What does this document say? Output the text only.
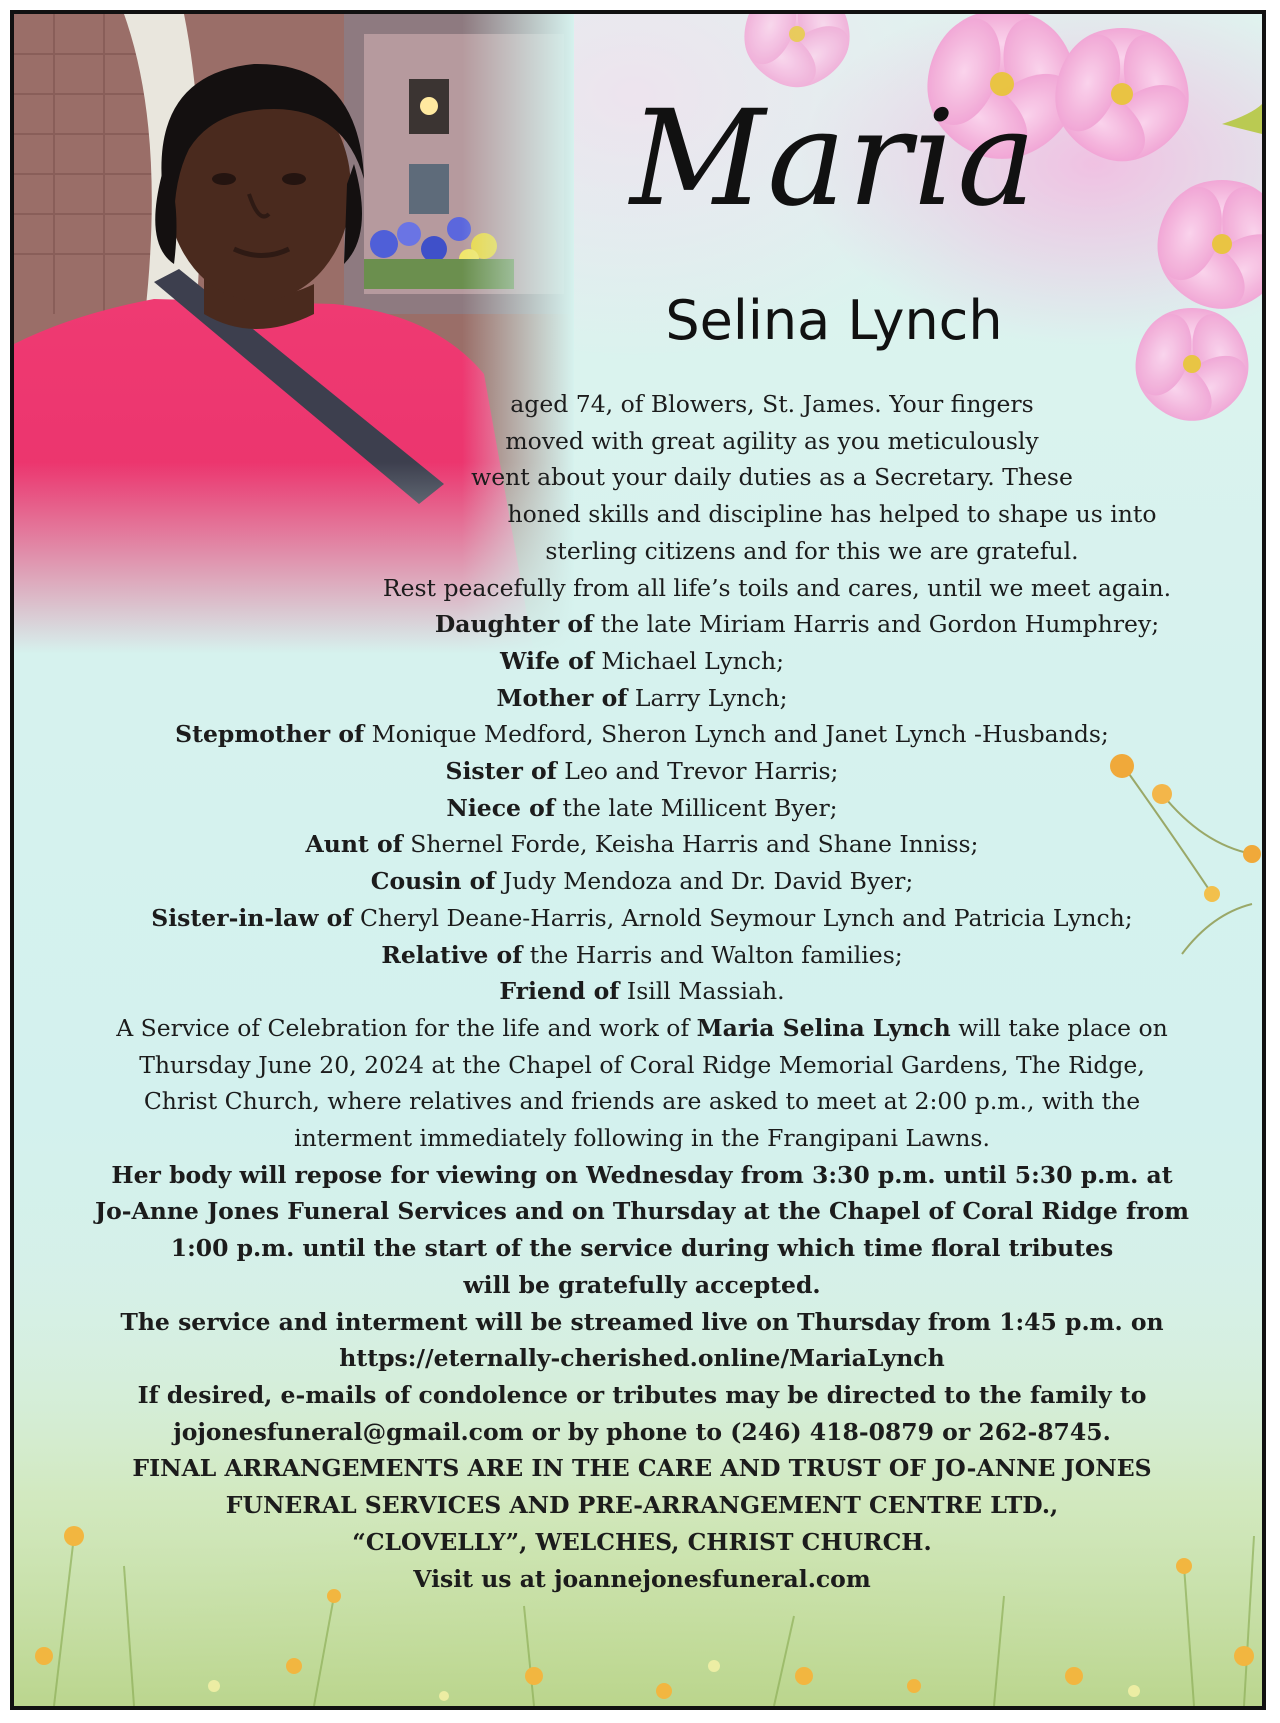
Maria
Selina Lynch
aged 74, of Blowers, St. James. Your fingers
moved with great agility as you meticulously
went about your daily duties as a Secretary. These
honed skills and discipline has helped to shape us into
sterling citizens and for this we are grateful.
Rest peacefully from all life’s toils and cares, until we meet again.
Daughter of the late Miriam Harris and Gordon Humphrey;
Wife of Michael Lynch;
Mother of Larry Lynch;
Stepmother of Monique Medford, Sheron Lynch and Janet Lynch -Husbands;
Sister of Leo and Trevor Harris;
Niece of the late Millicent Byer;
Aunt of Shernel Forde, Keisha Harris and Shane Inniss;
Cousin of Judy Mendoza and Dr. David Byer;
Sister-in-law of Cheryl Deane-Harris, Arnold Seymour Lynch and Patricia Lynch;
Relative of the Harris and Walton families;
Friend of Isill Massiah.
A Service of Celebration for the life and work of Maria Selina Lynch will take place on
Thursday June 20, 2024 at the Chapel of Coral Ridge Memorial Gardens, The Ridge,
Christ Church, where relatives and friends are asked to meet at 2:00 p.m., with the
interment immediately following in the Frangipani Lawns.
Her body will repose for viewing on Wednesday from 3:30 p.m. until 5:30 p.m. at
Jo-Anne Jones Funeral Services and on Thursday at the Chapel of Coral Ridge from
1:00 p.m. until the start of the service during which time floral tributes
will be gratefully accepted.
The service and interment will be streamed live on Thursday from 1:45 p.m. on
https://eternally-cherished.online/MariaLynch
If desired, e-mails of condolence or tributes may be directed to the family to
jojonesfuneral@gmail.com or by phone to (246) 418-0879 or 262-8745.
FINAL ARRANGEMENTS ARE IN THE CARE AND TRUST OF JO-ANNE JONES
FUNERAL SERVICES AND PRE-ARRANGEMENT CENTRE LTD.,
“CLOVELLY”, WELCHES, CHRIST CHURCH.
Visit us at joannejonesfuneral.com
